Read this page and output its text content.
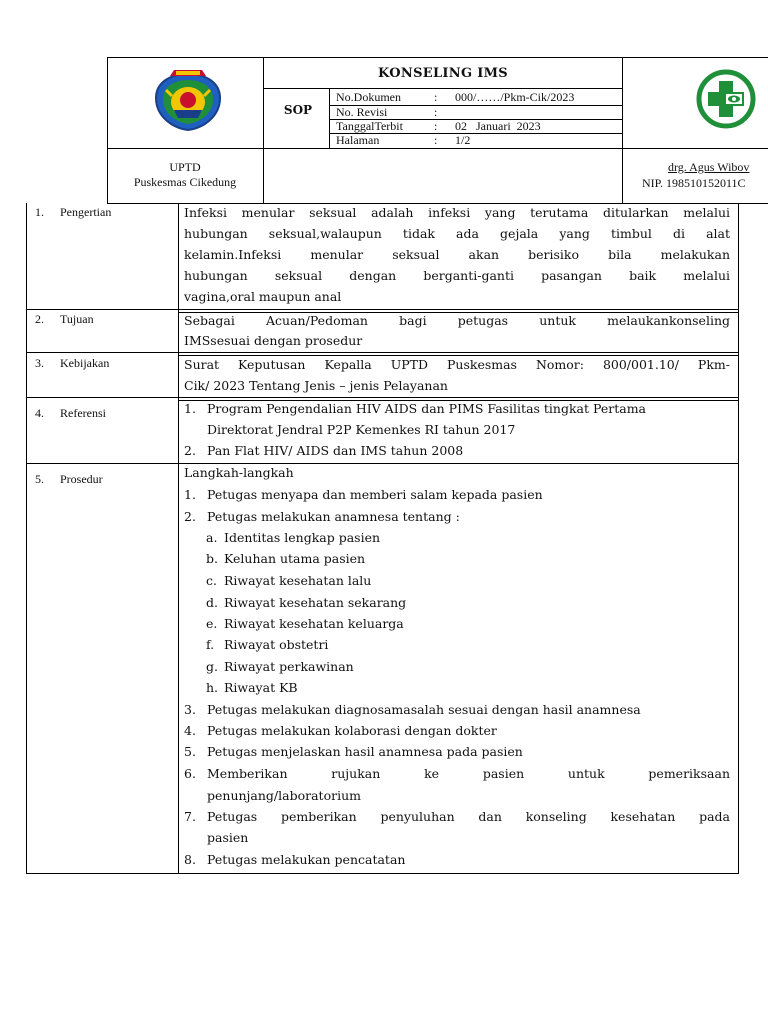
KONSELING IMS
SOP
No.Dokumen	: 000/……/Pkm-Cik/2023
No. Revisi	:
TanggalTerbit	: 02   Januari  2023
Halaman	: 1/2
UPTD
Puskesmas Cikedung
drg. Agus Wibov
NIP. 198510152011C
1. Pengertian	Infeksi menular seksual adalah infeksi yang terutama ditularkan melalui
hubungan seksual,walaupun tidak ada gejala yang timbul di alat
kelamin.Infeksi menular seksual akan berisiko bila melakukan
hubungan seksual dengan berganti-ganti pasangan baik melalui
vagina,oral maupun anal
2. Tujuan	Sebagai Acuan/Pedoman bagi petugas untuk melaukankonseling
IMSsesuai dengan prosedur
3. Kebijakan	Surat Keputusan Kepalla UPTD Puskesmas Nomor: 800/001.10/ Pkm-
Cik/ 2023 Tentang Jenis – jenis Pelayanan
4. Referensi	1. Program Pengendalian HIV AIDS dan PIMS Fasilitas tingkat Pertama
Direktorat Jendral P2P Kemenkes RI tahun 2017
2. Pan Flat HIV/ AIDS dan IMS tahun 2008
5. Prosedur	Langkah-langkah
1. Petugas menyapa dan memberi salam kepada pasien
2. Petugas melakukan anamnesa tentang :
a. Identitas lengkap pasien
b. Keluhan utama pasien
c. Riwayat kesehatan lalu
d. Riwayat kesehatan sekarang
e. Riwayat kesehatan keluarga
f. Riwayat obstetri
g. Riwayat perkawinan
h. Riwayat KB
3. Petugas melakukan diagnosamasalah sesuai dengan hasil anamnesa
4. Petugas melakukan kolaborasi dengan dokter
5. Petugas menjelaskan hasil anamnesa pada pasien
6. Memberikan rujukan ke pasien untuk pemeriksaan
penunjang/laboratorium
7. Petugas pemberikan penyuluhan dan konseling kesehatan pada
pasien
8. Petugas melakukan pencatatan
